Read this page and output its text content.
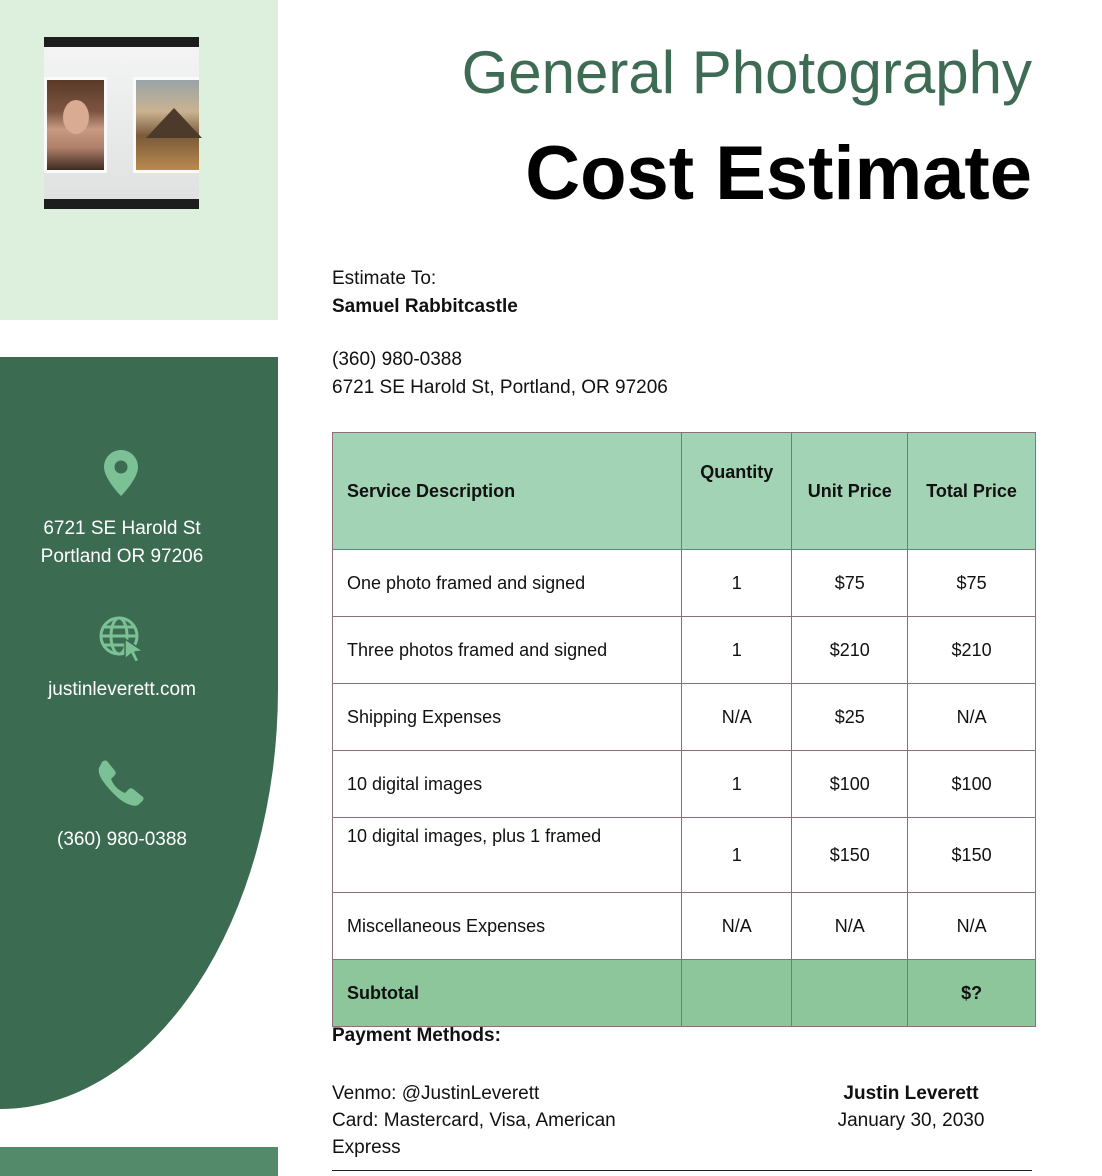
6721 SE Harold St
Portland OR 97206
justinleverett.com
(360) 980-0388
General Photography
Cost Estimate
Estimate To:
Samuel Rabbitcastle
(360) 980-0388
6721 SE Harold St, Portland, OR 97206
Service Description	Quantity	Unit Price	Total Price
One photo framed and signed	1	$75	$75
Three photos framed and signed	1	$210	$210
Shipping Expenses	N/A	$25	N/A
10 digital images	1	$100	$100
10 digital images, plus 1 framed	1	$150	$150
Miscellaneous Expenses	N/A	N/A	N/A
Subtotal			$?
Payment Methods:
Venmo: @JustinLeverett
Card: Mastercard, Visa, American Express
Justin Leverett
January 30, 2030
